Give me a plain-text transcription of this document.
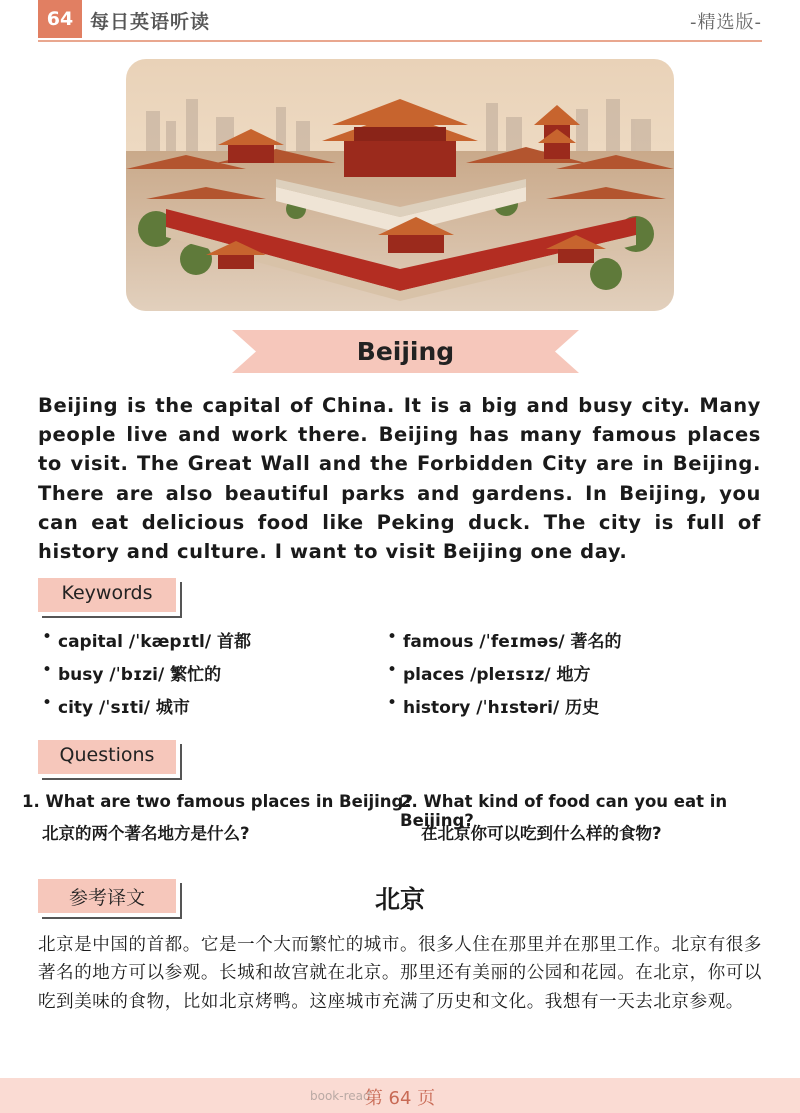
64 每日英语听读	-精选版-
Beijing
Beijing is the capital of China. It is a big and busy city. Many people live and work there. Beijing has many famous places to visit. The Great Wall and the Forbidden City are in Beijing. There are also beautiful parks and gardens. In Beijing, you can eat delicious food like Peking duck. The city is full of history and culture. I want to visit Beijing one day.
Keywords
• capital /ˈkæpɪtl/ 首都
• busy /ˈbɪzi/ 繁忙的
• city /ˈsɪti/ 城市
• famous /ˈfeɪməs/ 著名的
• places /pleɪsɪz/ 地方
• history /ˈhɪstəri/ 历史
Questions
1. What are two famous places in Beijing?
北京的两个著名地方是什么?
2. What kind of food can you eat in Beijing?
在北京你可以吃到什么样的食物?
参考译文	北京
北京是中国的首都。它是一个大而繁忙的城市。很多人住在那里并在那里工作。北京有很多著名的地方可以参观。长城和故宫就在北京。那里还有美丽的公园和花园。在北京，你可以吃到美味的食物，比如北京烤鸭。这座城市充满了历史和文化。我想有一天去北京参观。
book-read
第 64 页
